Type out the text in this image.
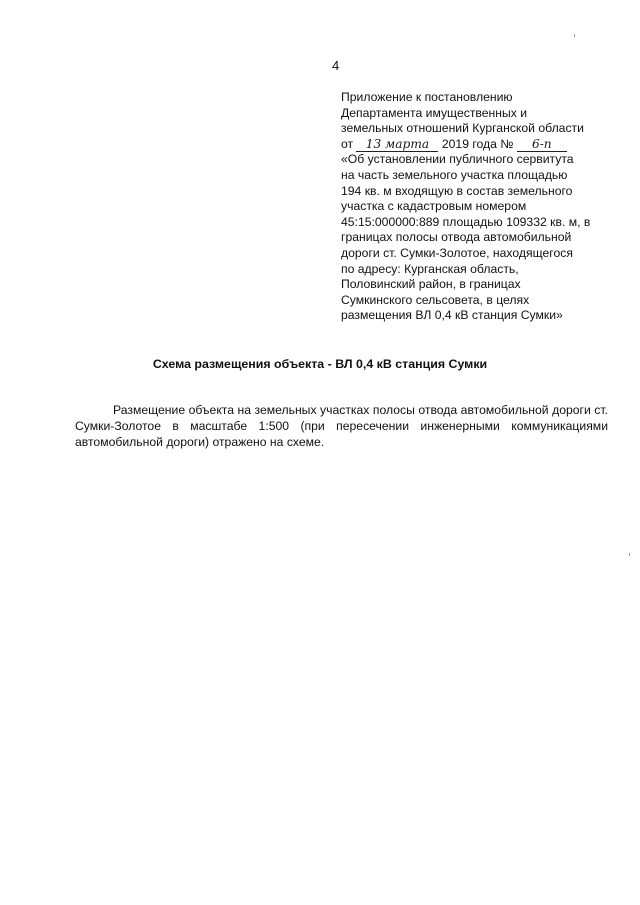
4
Приложение к постановлению
Департамента имущественных и
земельных отношений Курганской области
от 13 марта 2019 года № 6-п
«Об установлении публичного сервитута
на часть земельного участка площадью
194 кв. м входящую в состав земельного
участка с кадастровым номером
45:15:000000:889 площадью 109332 кв. м, в
границах полосы отвода автомобильной
дороги ст. Сумки-Золотое, находящегося
по адресу: Курганская область,
Половинский район, в границах
Сумкинского сельсовета, в целях
размещения ВЛ 0,4 кВ станция Сумки»
Схема размещения объекта - ВЛ 0,4 кВ станция Сумки
Размещение объекта на земельных участках полосы отвода автомобильной дороги ст. Сумки-Золотое в масштабе 1:500 (при пересечении инженерными коммуникациями автомобильной дороги) отражено на схеме.
